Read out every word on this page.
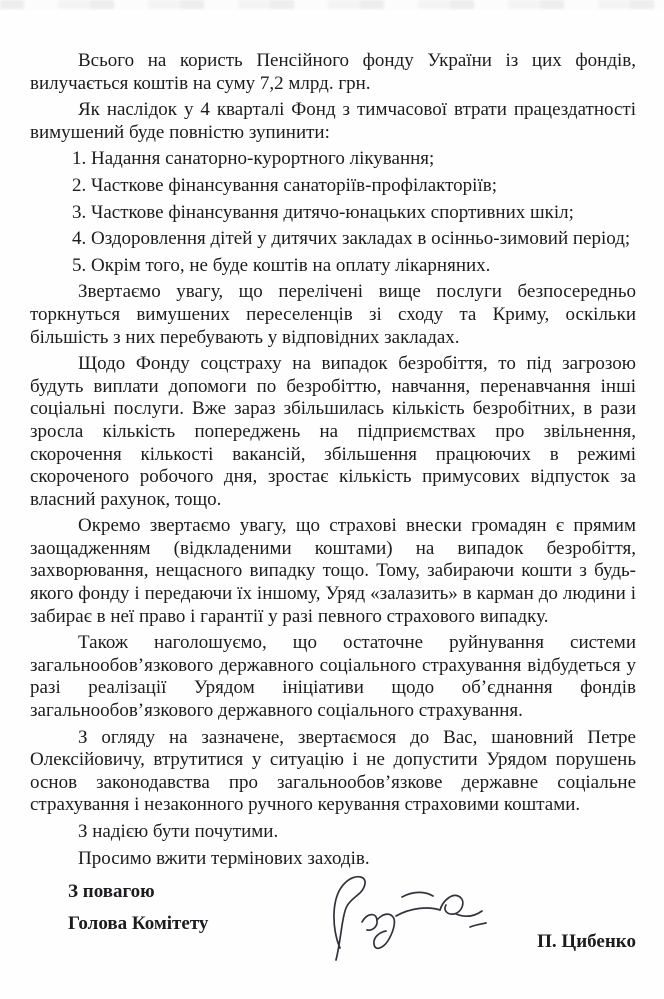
Всього на користь Пенсійного фонду України із цих фондів, вилучається коштів на суму 7,2 млрд. грн.

Як наслідок у 4 кварталі Фонд з тимчасової втрати працездатності вимушений буде повністю зупинити:

1. Надання санаторно-курортного лікування;

2. Часткове фінансування санаторіїв-профілакторіїв;

3. Часткове фінансування дитячо-юнацьких спортивних шкіл;

4. Оздоровлення дітей у дитячих закладах в осінньо-зимовий період;

5. Окрім того, не буде коштів на оплату лікарняних.

Звертаємо увагу, що перелічені вище послуги безпосередньо торкнуться вимушених переселенців зі сходу та Криму, оскільки більшість з них перебувають у відповідних закладах.

Щодо Фонду соцстраху на випадок безробіття, то під загрозою будуть виплати допомоги по безробіттю, навчання, перенавчання інші соціальні послуги. Вже зараз збільшилась кількість безробітних, в рази зросла кількість попереджень на підприємствах про звільнення, скорочення кількості вакансій, збільшення працюючих в режимі скороченого робочого дня, зростає кількість примусових відпусток за власний рахунок, тощо.

Окремо звертаємо увагу, що страхові внески громадян є прямим заощадженням (відкладеними коштами) на випадок безробіття, захворювання, нещасного випадку тощо. Тому, забираючи кошти з будь-якого фонду і передаючи їх іншому, Уряд «залазить» в карман до людини і забирає в неї право і гарантії у разі певного страхового випадку.

Також наголошуємо, що остаточне руйнування системи загальнообов’язкового державного соціального страхування відбудеться у разі реалізації Урядом ініціативи щодо об’єднання фондів загальнообов’язкового державного соціального страхування.

З огляду на зазначене, звертаємося до Вас, шановний Петре Олексійовичу, втрутитися у ситуацію і не допустити Урядом порушень основ законодавства про загальнообов’язкове державне соціальне страхування і незаконного ручного керування страховими коштами.

З надією бути почутими.

Просимо вжити термінових заходів.

З повагою

Голова Комітету

П. Цибенко
